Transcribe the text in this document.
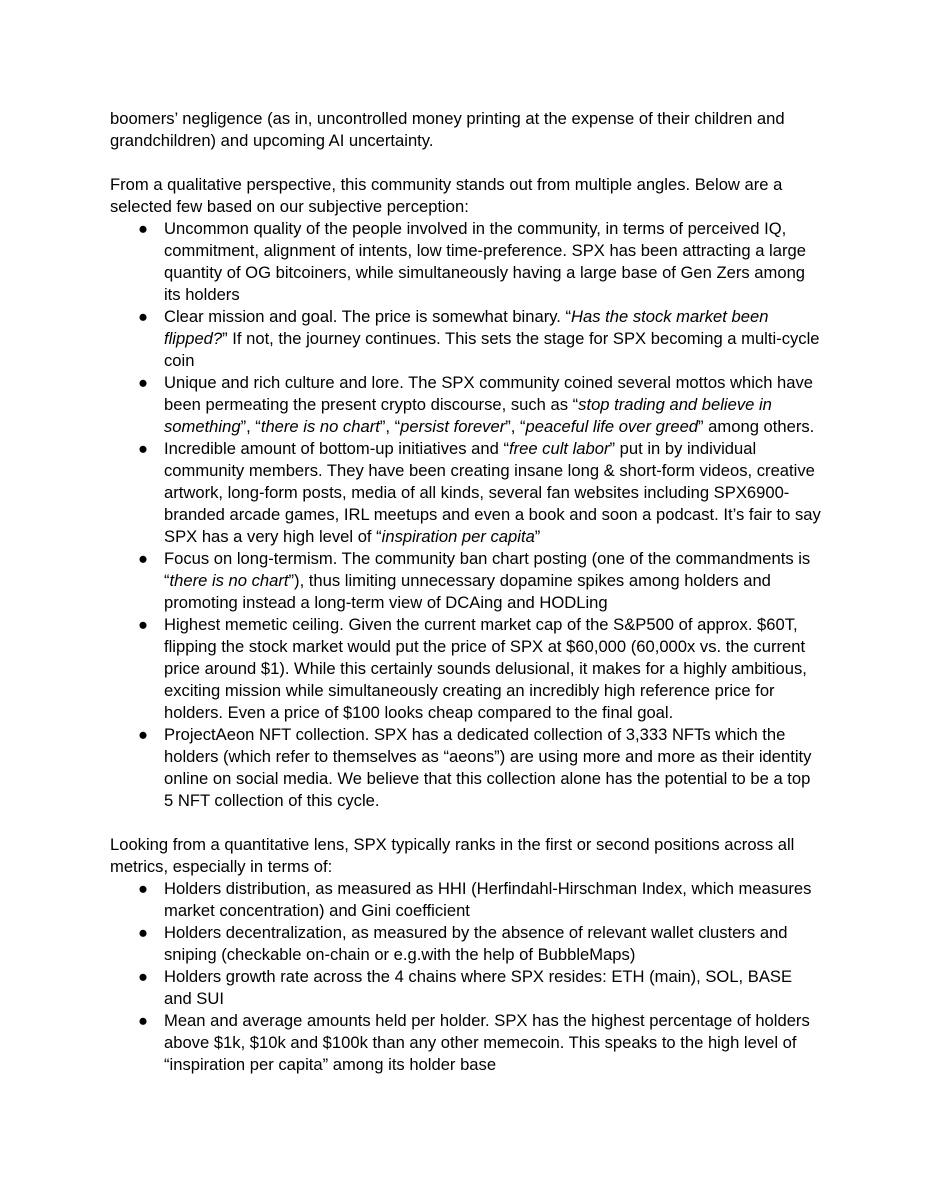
boomers’ negligence (as in, uncontrolled money printing at the expense of their children and grandchildren) and upcoming AI uncertainty.

From a qualitative perspective, this community stands out from multiple angles. Below are a selected few based on our subjective perception:

● Uncommon quality of the people involved in the community, in terms of perceived IQ, commitment, alignment of intents, low time-preference. SPX has been attracting a large quantity of OG bitcoiners, while simultaneously having a large base of Gen Zers among its holders
● Clear mission and goal. The price is somewhat binary. “Has the stock market been flipped?” If not, the journey continues. This sets the stage for SPX becoming a multi-cycle coin
● Unique and rich culture and lore. The SPX community coined several mottos which have been permeating the present crypto discourse, such as “stop trading and believe in something”, “there is no chart”, “persist forever”, “peaceful life over greed” among others.
● Incredible amount of bottom-up initiatives and “free cult labor” put in by individual community members. They have been creating insane long & short-form videos, creative artwork, long-form posts, media of all kinds, several fan websites including SPX6900-branded arcade games, IRL meetups and even a book and soon a podcast. It’s fair to say SPX has a very high level of “inspiration per capita”
● Focus on long-termism. The community ban chart posting (one of the commandments is “there is no chart”), thus limiting unnecessary dopamine spikes among holders and promoting instead a long-term view of DCAing and HODLing
● Highest memetic ceiling. Given the current market cap of the S&P500 of approx. $60T, flipping the stock market would put the price of SPX at $60,000 (60,000x vs. the current price around $1). While this certainly sounds delusional, it makes for a highly ambitious, exciting mission while simultaneously creating an incredibly high reference price for holders. Even a price of $100 looks cheap compared to the final goal.
● ProjectAeon NFT collection. SPX has a dedicated collection of 3,333 NFTs which the holders (which refer to themselves as “aeons”) are using more and more as their identity online on social media. We believe that this collection alone has the potential to be a top 5 NFT collection of this cycle.

Looking from a quantitative lens, SPX typically ranks in the first or second positions across all metrics, especially in terms of:

● Holders distribution, as measured as HHI (Herfindahl-Hirschman Index, which measures market concentration) and Gini coefficient
● Holders decentralization, as measured by the absence of relevant wallet clusters and sniping (checkable on-chain or e.g.with the help of BubbleMaps)
● Holders growth rate across the 4 chains where SPX resides: ETH (main), SOL, BASE and SUI
● Mean and average amounts held per holder. SPX has the highest percentage of holders above $1k, $10k and $100k than any other memecoin. This speaks to the high level of “inspiration per capita” among its holder base
